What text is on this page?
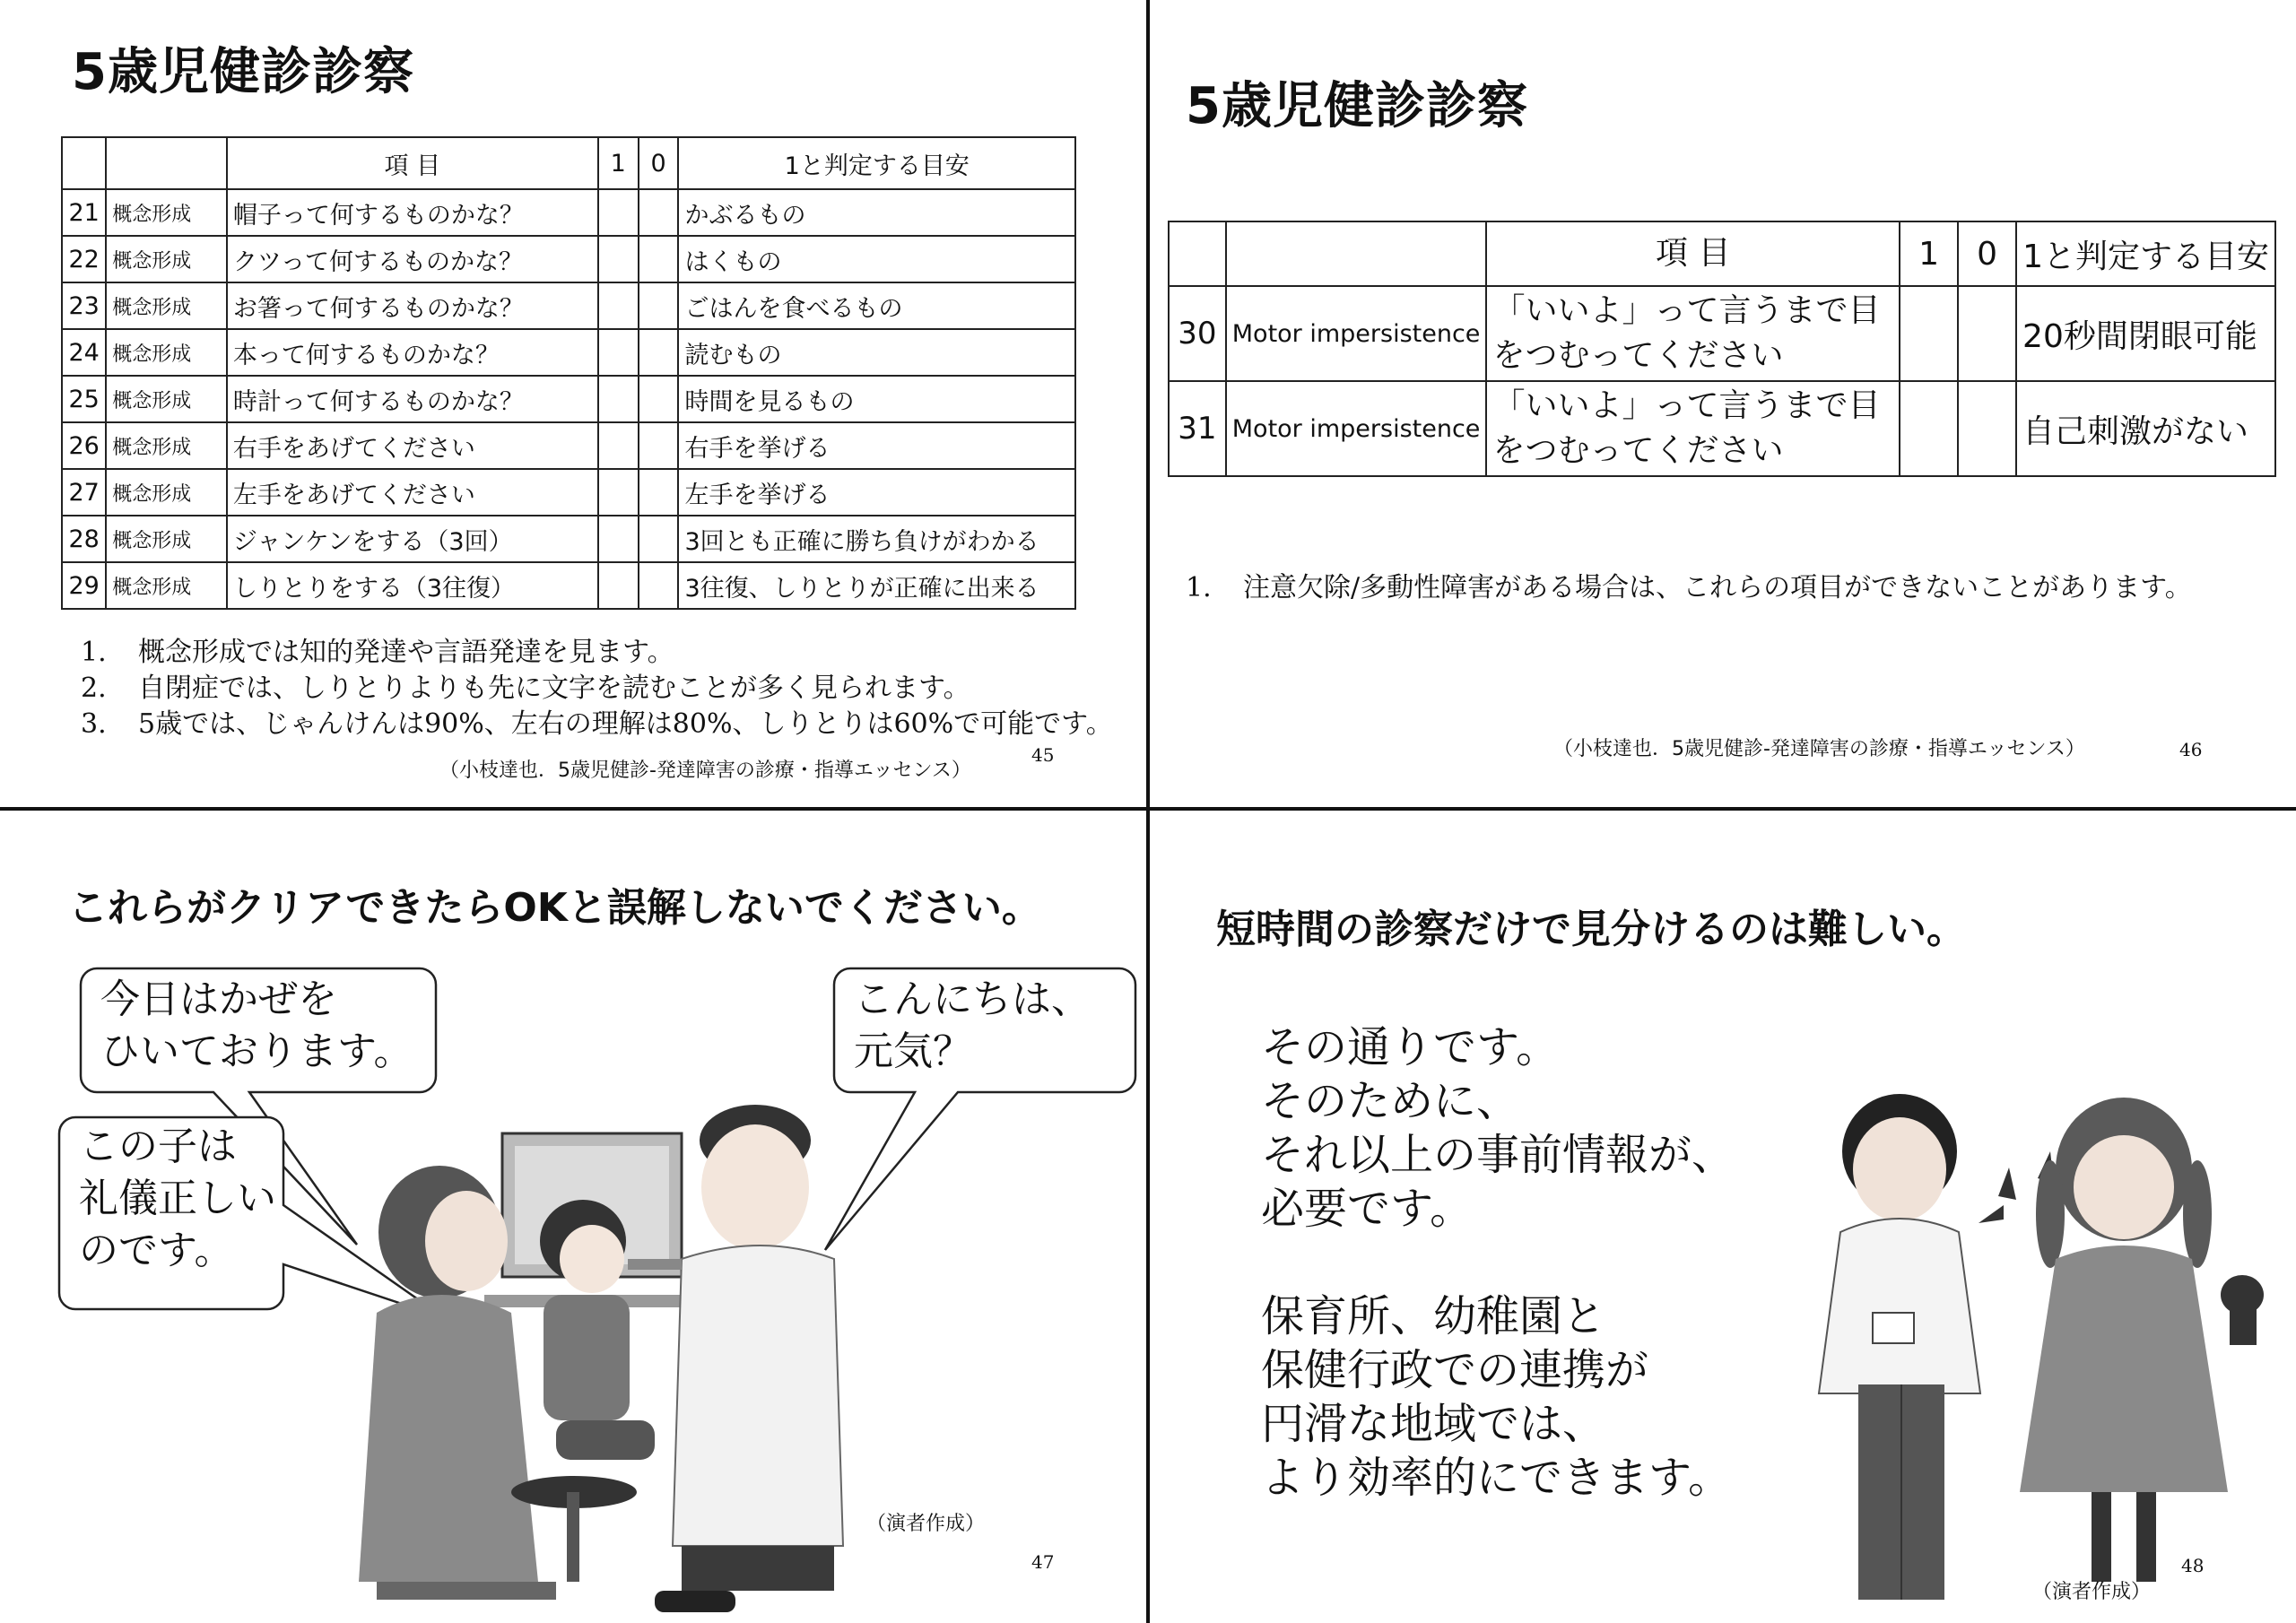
5歳児健診診察
		項 目	1	0	1と判定する目安
21	概念形成	帽子って何するものかな？			かぶるもの
22	概念形成	クツって何するものかな？			はくもの
23	概念形成	お箸って何するものかな？			ごはんを食べるもの
24	概念形成	本って何するものかな？			読むもの
25	概念形成	時計って何するものかな？			時間を見るもの
26	概念形成	右手をあげてください			右手を挙げる
27	概念形成	左手をあげてください			左手を挙げる
28	概念形成	ジャンケンをする（3回）			3回とも正確に勝ち負けがわかる
29	概念形成	しりとりをする（3往復）			3往復、しりとりが正確に出来る
1. 概念形成では知的発達や言語発達を見ます。
2. 自閉症では、しりとりよりも先に文字を読むことが多く見られます。
3. 5歳では、じゃんけんは90%、左右の理解は80%、しりとりは60%で可能です。
（小枝達也．5歳児健診-発達障害の診療・指導エッセンス）
45
5歳児健診診察
		項 目	1	0	1と判定する目安
30	Motor impersistence	「いいよ」って言うまで目をつむってください			20秒間閉眼可能
31	Motor impersistence	「いいよ」って言うまで目をつむってください			自己刺激がない
1. 注意欠除/多動性障害がある場合は、これらの項目ができないことがあります。
（小枝達也．5歳児健診-発達障害の診療・指導エッセンス）	46
これらがクリアできたらOKと誤解しないでください。
今日はかぜを
ひいております。
こんにちは、
元気？
この子は
礼儀正しい
のです。
（演者作成）
47
短時間の診察だけで見分けるのは難しい。
その通りです。
そのために、
それ以上の事前情報が、
必要です。
保育所、幼稚園と
保健行政での連携が
円滑な地域では、
より効率的にできます。
（演者作成）
48
